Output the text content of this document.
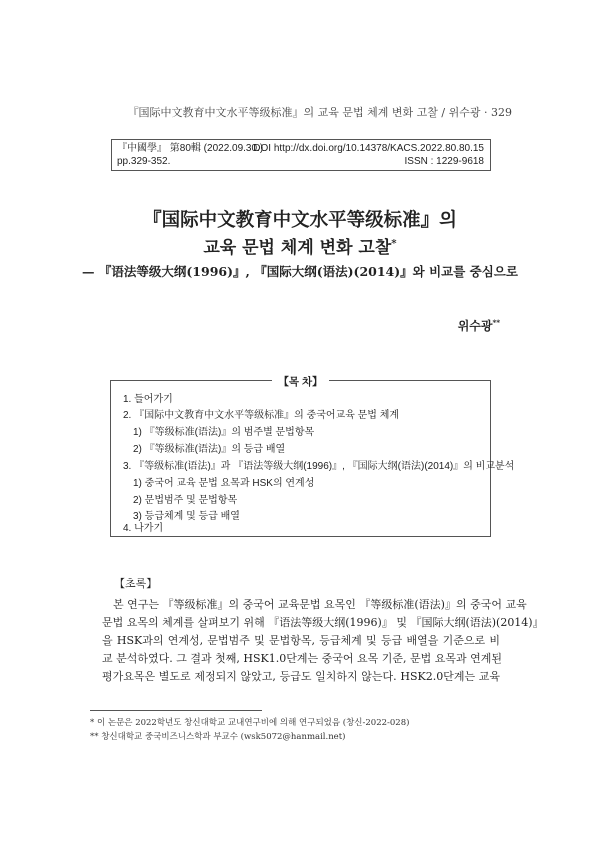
『国际中文教育中文水平等级标准』의 교육 문법 체계 변화 고찰 / 위수광 · 329
『中國學』 第80輯 (2022.09.30.)
DOI http://dx.doi.org/10.14378/KACS.2022.80.80.15
pp.329-352.	ISSN : 1229-9618
『国际中文教育中文水平等级标准』의
교육 문법 체계 변화 고찰*
— 『语法等级大纲(1996)』, 『国际大纲(语法)(2014)』와 비교를 중심으로
위수광**
【목 차】
1. 들어가기
2. 『国际中文教育中文水平等级标准』의 중국어교육 문법 체계
1) 『等级标准(语法)』의 범주별 문법항목
2) 『等级标准(语法)』의 등급 배열
3. 『等级标准(语法)』과 『语法等级大纲(1996)』, 『国际大纲(语法)(2014)』의 비교분석
1) 중국어 교육 문법 요목과 HSK의 연계성
2) 문법범주 및 문법항목
3) 등급체계 및 등급 배열
4. 나가기
【초록】
본 연구는 『等级标准』의 중국어 교육문법 요목인 『等级标准(语法)』의 중국어 교육
문법 요목의 체계를 살펴보기 위해 『语法等级大纲(1996)』 및 『国际大纲(语法)(2014)』
을 HSK과의 연계성, 문법범주 및 문법항목, 등급체계 및 등급 배열을 기준으로 비
교 분석하였다. 그 결과 첫째, HSK1.0단계는 중국어 요목 기준, 문법 요목과 연계된
평가요목은 별도로 제정되지 않았고, 등급도 일치하지 않는다. HSK2.0단계는 교육
* 이 논문은 2022학년도 창신대학교 교내연구비에 의해 연구되었음 (창신-2022-028)
** 창신대학교 중국비즈니스학과 부교수 (wsk5072@hanmail.net)
